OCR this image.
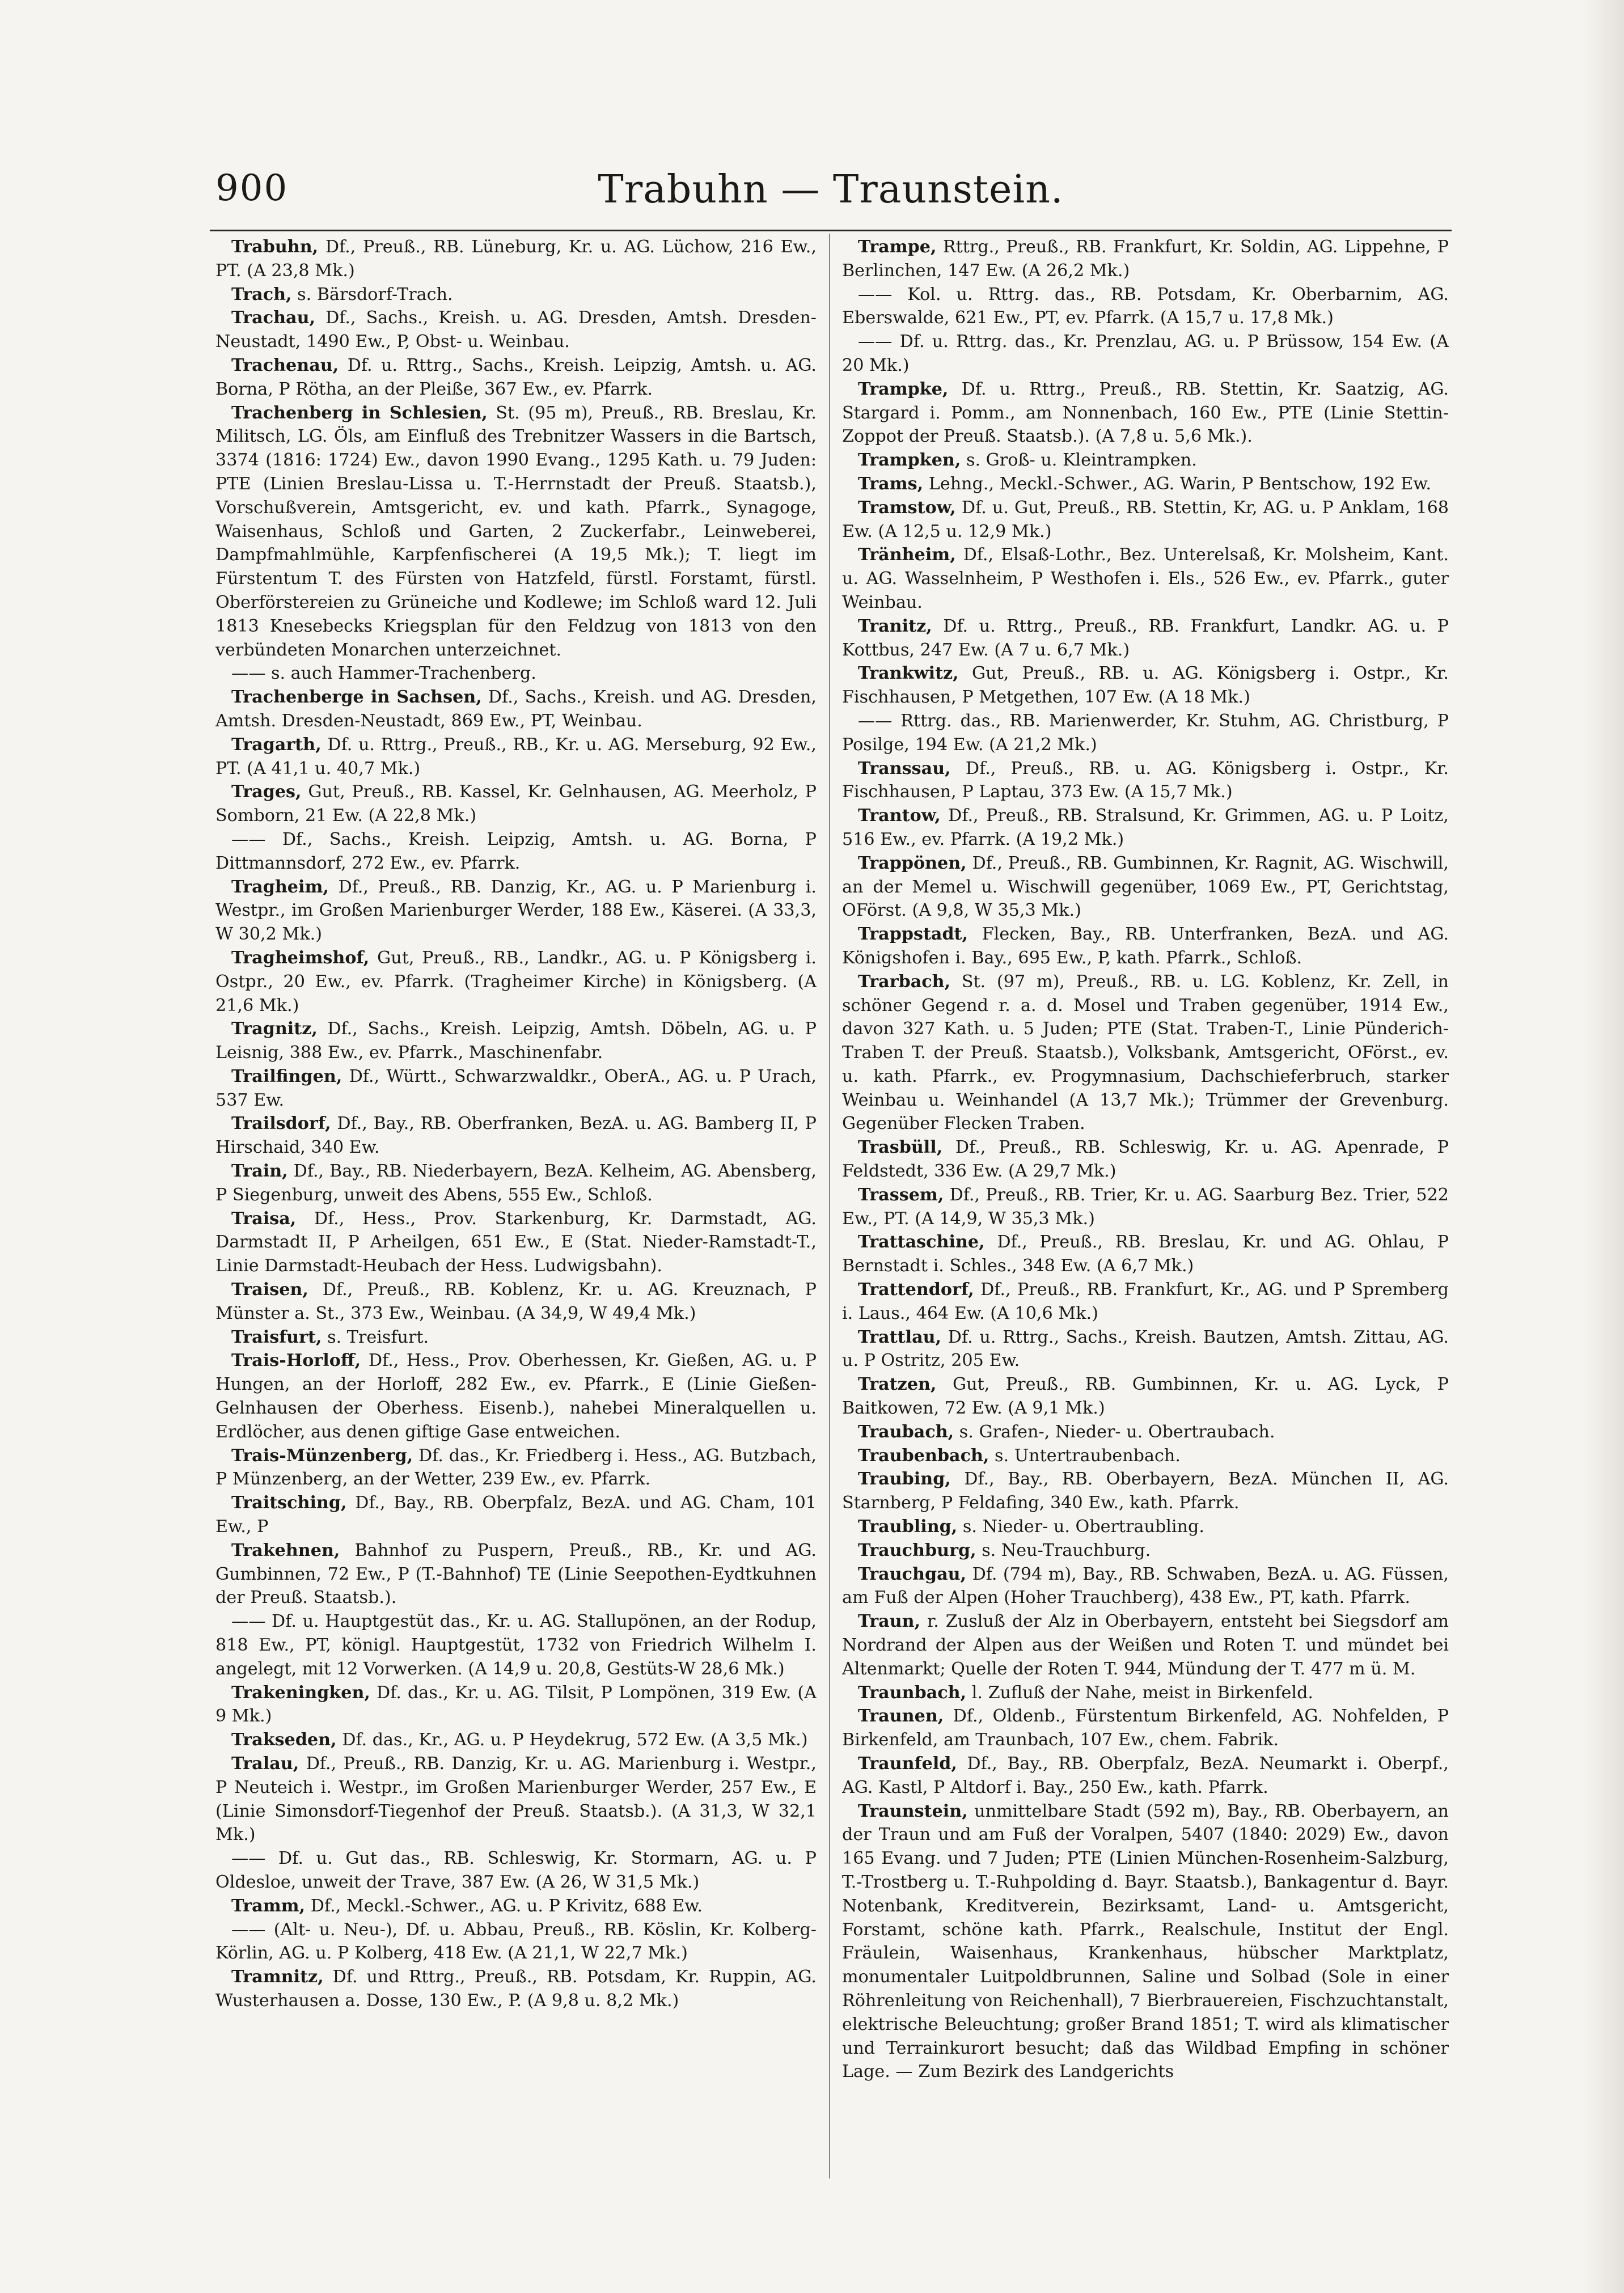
900	Trabuhn — Traunstein.

Trabuhn, Df., Preuß., RB. Lüneburg, Kr. u. AG. Lüchow, 216 Ew., PT. (A 23,8 Mk.)

Trach, s. Bärsdorf-Trach.

Trachau, Df., Sachs., Kreish. u. AG. Dresden, Amtsh. Dresden-Neustadt, 1490 Ew., P, Obst- u. Weinbau.

Trachenau, Df. u. Rttrg., Sachs., Kreish. Leipzig, Amtsh. u. AG. Borna, P Rötha, an der Pleiße, 367 Ew., ev. Pfarrk.

Trachenberg in Schlesien, St. (95 m), Preuß., RB. Breslau, Kr. Militsch, LG. Öls, am Einfluß des Trebnitzer Wassers in die Bartsch, 3374 (1816: 1724) Ew., davon 1990 Evang., 1295 Kath. u. 79 Juden: PTE (Linien Breslau-Lissa u. T.-Herrnstadt der Preuß. Staatsb.), Vorschußverein, Amtsgericht, ev. und kath. Pfarrk., Synagoge, Waisenhaus, Schloß und Garten, 2 Zuckerfabr., Leinweberei, Dampfmahlmühle, Karpfenfischerei (A 19,5 Mk.); T. liegt im Fürstentum T. des Fürsten von Hatzfeld, fürstl. Forstamt, fürstl. Oberförstereien zu Grüneiche und Kodlewe; im Schloß ward 12. Juli 1813 Knesebecks Kriegsplan für den Feldzug von 1813 von den verbündeten Monarchen unterzeichnet.

—— s. auch Hammer-Trachenberg.

Trachenberge in Sachsen, Df., Sachs., Kreish. und AG. Dresden, Amtsh. Dresden-Neustadt, 869 Ew., PT, Weinbau.

Tragarth, Df. u. Rttrg., Preuß., RB., Kr. u. AG. Merseburg, 92 Ew., PT. (A 41,1 u. 40,7 Mk.)

Trages, Gut, Preuß., RB. Kassel, Kr. Gelnhausen, AG. Meerholz, P Somborn, 21 Ew. (A 22,8 Mk.)

—— Df., Sachs., Kreish. Leipzig, Amtsh. u. AG. Borna, P Dittmannsdorf, 272 Ew., ev. Pfarrk.

Tragheim, Df., Preuß., RB. Danzig, Kr., AG. u. P Marienburg i. Westpr., im Großen Marienburger Werder, 188 Ew., Käserei. (A 33,3, W 30,2 Mk.)

Tragheimshof, Gut, Preuß., RB., Landkr., AG. u. P Königsberg i. Ostpr., 20 Ew., ev. Pfarrk. (Tragheimer Kirche) in Königsberg. (A 21,6 Mk.)

Tragnitz, Df., Sachs., Kreish. Leipzig, Amtsh. Döbeln, AG. u. P Leisnig, 388 Ew., ev. Pfarrk., Maschinenfabr.

Trailfingen, Df., Württ., Schwarzwaldkr., OberA., AG. u. P Urach, 537 Ew.

Trailsdorf, Df., Bay., RB. Oberfranken, BezA. u. AG. Bamberg II, P Hirschaid, 340 Ew.

Train, Df., Bay., RB. Niederbayern, BezA. Kelheim, AG. Abensberg, P Siegenburg, unweit des Abens, 555 Ew., Schloß.

Traisa, Df., Hess., Prov. Starkenburg, Kr. Darmstadt, AG. Darmstadt II, P Arheilgen, 651 Ew., E (Stat. Nieder-Ramstadt-T., Linie Darmstadt-Heubach der Hess. Ludwigsbahn).

Traisen, Df., Preuß., RB. Koblenz, Kr. u. AG. Kreuznach, P Münster a. St., 373 Ew., Weinbau. (A 34,9, W 49,4 Mk.)

Traisfurt, s. Treisfurt.

Trais-Horloff, Df., Hess., Prov. Oberhessen, Kr. Gießen, AG. u. P Hungen, an der Horloff, 282 Ew., ev. Pfarrk., E (Linie Gießen-Gelnhausen der Oberhess. Eisenb.), nahebei Mineralquellen u. Erdlöcher, aus denen giftige Gase entweichen.

Trais-Münzenberg, Df. das., Kr. Friedberg i. Hess., AG. Butzbach, P Münzenberg, an der Wetter, 239 Ew., ev. Pfarrk.

Traitsching, Df., Bay., RB. Oberpfalz, BezA. und AG. Cham, 101 Ew., P

Trakehnen, Bahnhof zu Puspern, Preuß., RB., Kr. und AG. Gumbinnen, 72 Ew., P (T.-Bahnhof) TE (Linie Seepothen-Eydtkuhnen der Preuß. Staatsb.).

—— Df. u. Hauptgestüt das., Kr. u. AG. Stallupönen, an der Rodup, 818 Ew., PT, königl. Hauptgestüt, 1732 von Friedrich Wilhelm I. angelegt, mit 12 Vorwerken. (A 14,9 u. 20,8, Gestüts-W 28,6 Mk.)

Trakeningken, Df. das., Kr. u. AG. Tilsit, P Lompönen, 319 Ew. (A 9 Mk.)

Trakseden, Df. das., Kr., AG. u. P Heydekrug, 572 Ew. (A 3,5 Mk.)

Tralau, Df., Preuß., RB. Danzig, Kr. u. AG. Marienburg i. Westpr., P Neuteich i. Westpr., im Großen Marienburger Werder, 257 Ew., E (Linie Simonsdorf-Tiegenhof der Preuß. Staatsb.). (A 31,3, W 32,1 Mk.)

—— Df. u. Gut das., RB. Schleswig, Kr. Stormarn, AG. u. P Oldesloe, unweit der Trave, 387 Ew. (A 26, W 31,5 Mk.)

Tramm, Df., Meckl.-Schwer., AG. u. P Krivitz, 688 Ew.

—— (Alt- u. Neu-), Df. u. Abbau, Preuß., RB. Köslin, Kr. Kolberg-Körlin, AG. u. P Kolberg, 418 Ew. (A 21,1, W 22,7 Mk.)

Tramnitz, Df. und Rttrg., Preuß., RB. Potsdam, Kr. Ruppin, AG. Wusterhausen a. Dosse, 130 Ew., P. (A 9,8 u. 8,2 Mk.)

Trampe, Rttrg., Preuß., RB. Frankfurt, Kr. Soldin, AG. Lippehne, P Berlinchen, 147 Ew. (A 26,2 Mk.)

—— Kol. u. Rttrg. das., RB. Potsdam, Kr. Oberbarnim, AG. Eberswalde, 621 Ew., PT, ev. Pfarrk. (A 15,7 u. 17,8 Mk.)

—— Df. u. Rttrg. das., Kr. Prenzlau, AG. u. P Brüssow, 154 Ew. (A 20 Mk.)

Trampke, Df. u. Rttrg., Preuß., RB. Stettin, Kr. Saatzig, AG. Stargard i. Pomm., am Nonnenbach, 160 Ew., PTE (Linie Stettin-Zoppot der Preuß. Staatsb.). (A 7,8 u. 5,6 Mk.).

Trampken, s. Groß- u. Kleintrampken.

Trams, Lehng., Meckl.-Schwer., AG. Warin, P Bentschow, 192 Ew.

Tramstow, Df. u. Gut, Preuß., RB. Stettin, Kr, AG. u. P Anklam, 168 Ew. (A 12,5 u. 12,9 Mk.)

Tränheim, Df., Elsaß-Lothr., Bez. Unterelsaß, Kr. Molsheim, Kant. u. AG. Wasselnheim, P Westhofen i. Els., 526 Ew., ev. Pfarrk., guter Weinbau.

Tranitz, Df. u. Rttrg., Preuß., RB. Frankfurt, Landkr. AG. u. P Kottbus, 247 Ew. (A 7 u. 6,7 Mk.)

Trankwitz, Gut, Preuß., RB. u. AG. Königsberg i. Ostpr., Kr. Fischhausen, P Metgethen, 107 Ew. (A 18 Mk.)

—— Rttrg. das., RB. Marienwerder, Kr. Stuhm, AG. Christburg, P Posilge, 194 Ew. (A 21,2 Mk.)

Transsau, Df., Preuß., RB. u. AG. Königsberg i. Ostpr., Kr. Fischhausen, P Laptau, 373 Ew. (A 15,7 Mk.)

Trantow, Df., Preuß., RB. Stralsund, Kr. Grimmen, AG. u. P Loitz, 516 Ew., ev. Pfarrk. (A 19,2 Mk.)

Trappönen, Df., Preuß., RB. Gumbinnen, Kr. Ragnit, AG. Wischwill, an der Memel u. Wischwill gegenüber, 1069 Ew., PT, Gerichtstag, OFörst. (A 9,8, W 35,3 Mk.)

Trappstadt, Flecken, Bay., RB. Unterfranken, BezA. und AG. Königshofen i. Bay., 695 Ew., P, kath. Pfarrk., Schloß.

Trarbach, St. (97 m), Preuß., RB. u. LG. Koblenz, Kr. Zell, in schöner Gegend r. a. d. Mosel und Traben gegenüber, 1914 Ew., davon 327 Kath. u. 5 Juden; PTE (Stat. Traben-T., Linie Pünderich-Traben T. der Preuß. Staatsb.), Volksbank, Amtsgericht, OFörst., ev. u. kath. Pfarrk., ev. Progymnasium, Dachschieferbruch, starker Weinbau u. Weinhandel (A 13,7 Mk.); Trümmer der Grevenburg. Gegenüber Flecken Traben.

Trasbüll, Df., Preuß., RB. Schleswig, Kr. u. AG. Apenrade, P Feldstedt, 336 Ew. (A 29,7 Mk.)

Trassem, Df., Preuß., RB. Trier, Kr. u. AG. Saarburg Bez. Trier, 522 Ew., PT. (A 14,9, W 35,3 Mk.)

Trattaschine, Df., Preuß., RB. Breslau, Kr. und AG. Ohlau, P Bernstadt i. Schles., 348 Ew. (A 6,7 Mk.)

Trattendorf, Df., Preuß., RB. Frankfurt, Kr., AG. und P Spremberg i. Laus., 464 Ew. (A 10,6 Mk.)

Trattlau, Df. u. Rttrg., Sachs., Kreish. Bautzen, Amtsh. Zittau, AG. u. P Ostritz, 205 Ew.

Tratzen, Gut, Preuß., RB. Gumbinnen, Kr. u. AG. Lyck, P Baitkowen, 72 Ew. (A 9,1 Mk.)

Traubach, s. Grafen-, Nieder- u. Obertraubach.

Traubenbach, s. Untertraubenbach.

Traubing, Df., Bay., RB. Oberbayern, BezA. München II, AG. Starnberg, P Feldafing, 340 Ew., kath. Pfarrk.

Traubling, s. Nieder- u. Obertraubling.

Trauchburg, s. Neu-Trauchburg.

Trauchgau, Df. (794 m), Bay., RB. Schwaben, BezA. u. AG. Füssen, am Fuß der Alpen (Hoher Trauchberg), 438 Ew., PT, kath. Pfarrk.

Traun, r. Zusluß der Alz in Oberbayern, entsteht bei Siegsdorf am Nordrand der Alpen aus der Weißen und Roten T. und mündet bei Altenmarkt; Quelle der Roten T. 944, Mündung der T. 477 m ü. M.

Traunbach, l. Zufluß der Nahe, meist in Birkenfeld.

Traunen, Df., Oldenb., Fürstentum Birkenfeld, AG. Nohfelden, P Birkenfeld, am Traunbach, 107 Ew., chem. Fabrik.

Traunfeld, Df., Bay., RB. Oberpfalz, BezA. Neumarkt i. Oberpf., AG. Kastl, P Altdorf i. Bay., 250 Ew., kath. Pfarrk.

Traunstein, unmittelbare Stadt (592 m), Bay., RB. Oberbayern, an der Traun und am Fuß der Voralpen, 5407 (1840: 2029) Ew., davon 165 Evang. und 7 Juden; PTE (Linien München-Rosenheim-Salzburg, T.-Trostberg u. T.-Ruhpolding d. Bayr. Staatsb.), Bankagentur d. Bayr. Notenbank, Kreditverein, Bezirksamt, Land- u. Amtsgericht, Forstamt, schöne kath. Pfarrk., Realschule, Institut der Engl. Fräulein, Waisenhaus, Krankenhaus, hübscher Marktplatz, monumentaler Luitpoldbrunnen, Saline und Solbad (Sole in einer Röhrenleitung von Reichenhall), 7 Bierbrauereien, Fischzuchtanstalt, elektrische Beleuchtung; großer Brand 1851; T. wird als klimatischer und Terrainkurort besucht; daß das Wildbad Empfing in schöner Lage. — Zum Bezirk des Landgerichts
